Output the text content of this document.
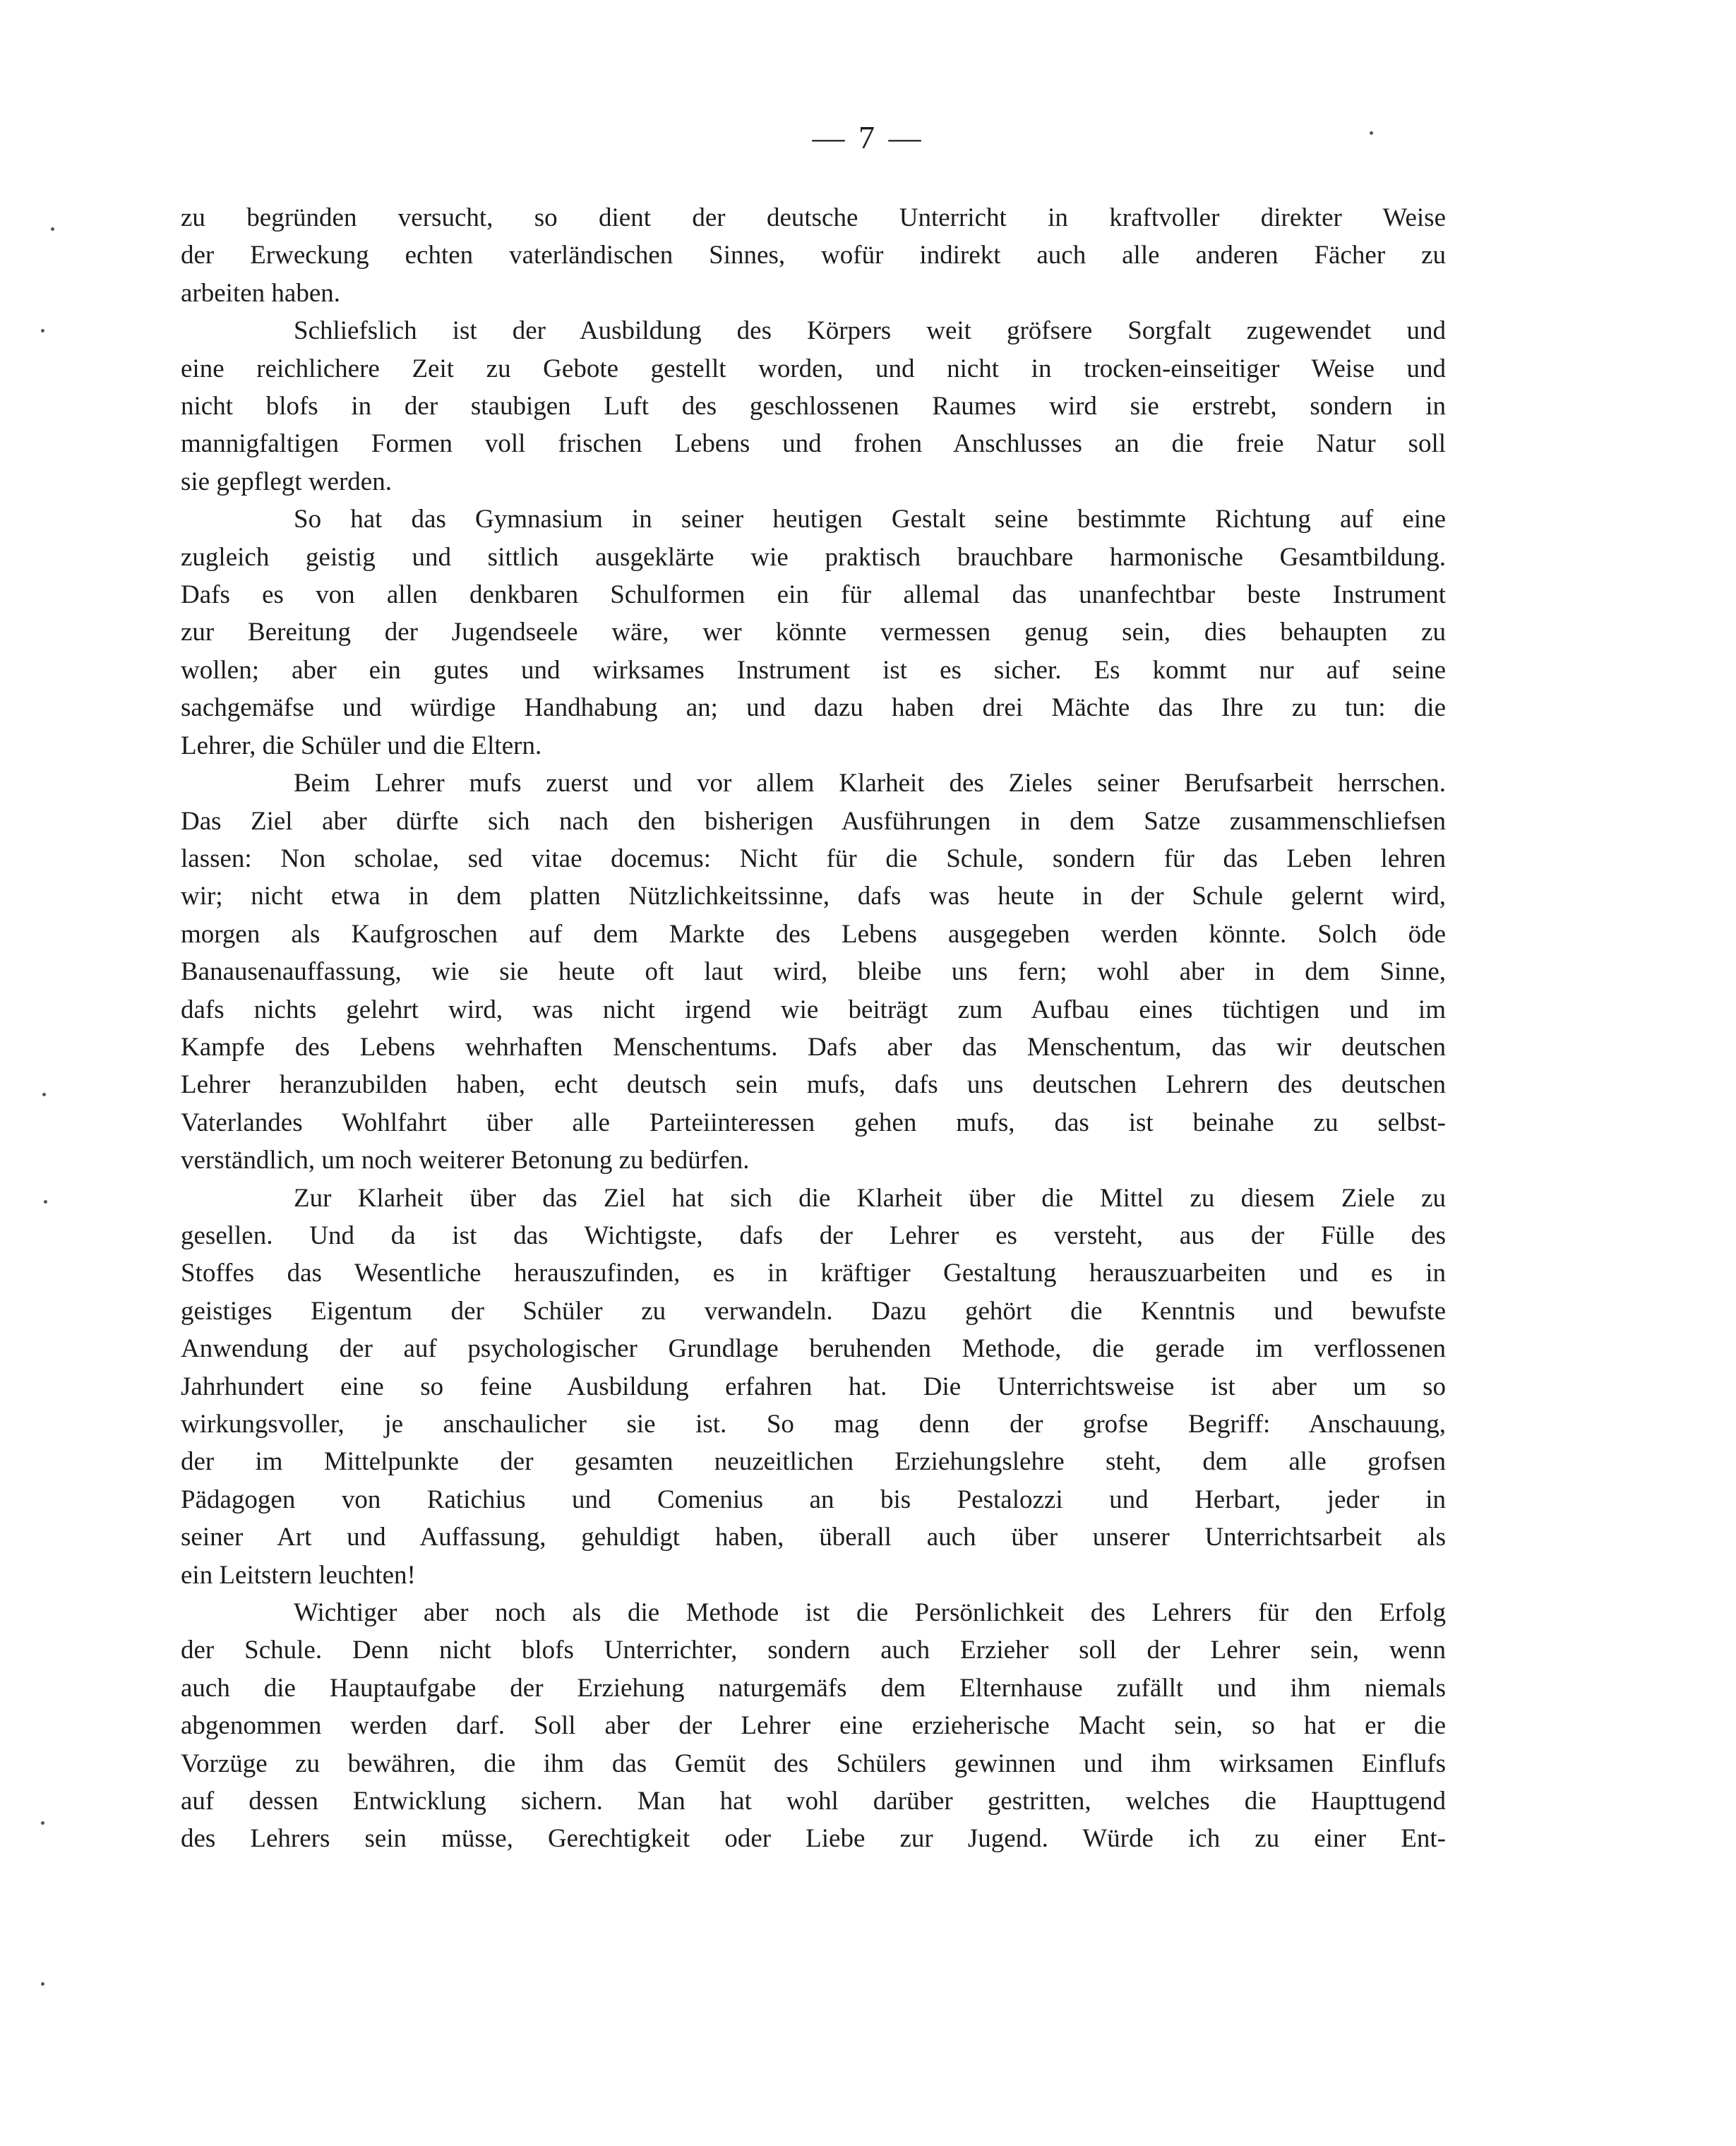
— 7 —

zu begründen versucht, so dient der deutsche Unterricht in kraftvoller direkter Weise
der Erweckung echten vaterländischen Sinnes, wofür indirekt auch alle anderen Fächer zu
arbeiten haben.

Schliefslich ist der Ausbildung des Körpers weit gröfsere Sorgfalt zugewendet und
eine reichlichere Zeit zu Gebote gestellt worden, und nicht in trocken-einseitiger Weise und
nicht blofs in der staubigen Luft des geschlossenen Raumes wird sie erstrebt, sondern in
mannigfaltigen Formen voll frischen Lebens und frohen Anschlusses an die freie Natur soll
sie gepflegt werden.

So hat das Gymnasium in seiner heutigen Gestalt seine bestimmte Richtung auf eine
zugleich geistig und sittlich ausgeklärte wie praktisch brauchbare harmonische Gesamtbildung.
Dafs es von allen denkbaren Schulformen ein für allemal das unanfechtbar beste Instrument
zur Bereitung der Jugendseele wäre, wer könnte vermessen genug sein, dies behaupten zu
wollen; aber ein gutes und wirksames Instrument ist es sicher. Es kommt nur auf seine
sachgemäfse und würdige Handhabung an; und dazu haben drei Mächte das Ihre zu tun: die
Lehrer, die Schüler und die Eltern.

Beim Lehrer mufs zuerst und vor allem Klarheit des Zieles seiner Berufsarbeit herrschen.
Das Ziel aber dürfte sich nach den bisherigen Ausführungen in dem Satze zusammenschliefsen
lassen: Non scholae, sed vitae docemus: Nicht für die Schule, sondern für das Leben lehren
wir; nicht etwa in dem platten Nützlichkeitssinne, dafs was heute in der Schule gelernt wird,
morgen als Kaufgroschen auf dem Markte des Lebens ausgegeben werden könnte. Solch öde
Banausenauffassung, wie sie heute oft laut wird, bleibe uns fern; wohl aber in dem Sinne,
dafs nichts gelehrt wird, was nicht irgend wie beiträgt zum Aufbau eines tüchtigen und im
Kampfe des Lebens wehrhaften Menschentums. Dafs aber das Menschentum, das wir deutschen
Lehrer heranzubilden haben, echt deutsch sein mufs, dafs uns deutschen Lehrern des deutschen
Vaterlandes Wohlfahrt über alle Parteiinteressen gehen mufs, das ist beinahe zu selbst-
verständlich, um noch weiterer Betonung zu bedürfen.

Zur Klarheit über das Ziel hat sich die Klarheit über die Mittel zu diesem Ziele zu
gesellen. Und da ist das Wichtigste, dafs der Lehrer es versteht, aus der Fülle des
Stoffes das Wesentliche herauszufinden, es in kräftiger Gestaltung herauszuarbeiten und es in
geistiges Eigentum der Schüler zu verwandeln. Dazu gehört die Kenntnis und bewufste
Anwendung der auf psychologischer Grundlage beruhenden Methode, die gerade im verflossenen
Jahrhundert eine so feine Ausbildung erfahren hat. Die Unterrichtsweise ist aber um so
wirkungsvoller, je anschaulicher sie ist. So mag denn der grofse Begriff: Anschauung,
der im Mittelpunkte der gesamten neuzeitlichen Erziehungslehre steht, dem alle grofsen
Pädagogen von Ratichius und Comenius an bis Pestalozzi und Herbart, jeder in
seiner Art und Auffassung, gehuldigt haben, überall auch über unserer Unterrichtsarbeit als
ein Leitstern leuchten!

Wichtiger aber noch als die Methode ist die Persönlichkeit des Lehrers für den Erfolg
der Schule. Denn nicht blofs Unterrichter, sondern auch Erzieher soll der Lehrer sein, wenn
auch die Hauptaufgabe der Erziehung naturgemäfs dem Elternhause zufällt und ihm niemals
abgenommen werden darf. Soll aber der Lehrer eine erzieherische Macht sein, so hat er die
Vorzüge zu bewähren, die ihm das Gemüt des Schülers gewinnen und ihm wirksamen Einflufs
auf dessen Entwicklung sichern. Man hat wohl darüber gestritten, welches die Haupttugend
des Lehrers sein müsse, Gerechtigkeit oder Liebe zur Jugend. Würde ich zu einer Ent-
